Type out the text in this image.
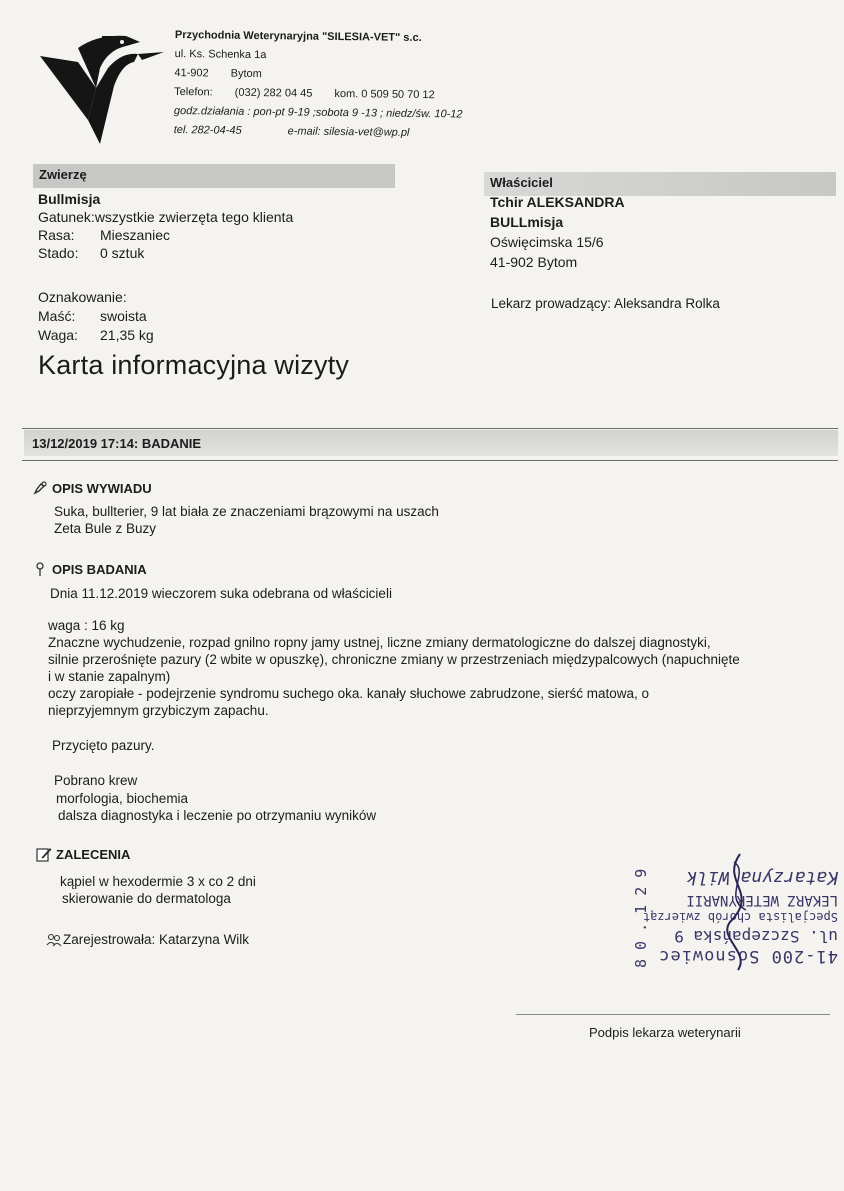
Przychodnia Weterynaryjna "SILESIA-VET" s.c.
ul. Ks. Schenka 1a
41-902 Bytom
Telefon: (032) 282 04 45 kom. 0 509 50 70 12
godz.działania : pon-pt 9-19 ;sobota 9 -13 ; niedz/św. 10-12
tel. 282-04-45	e-mail: silesia-vet@wp.pl
Zwierzę
Bullmisja
Gatunek:wszystkie zwierzęta tego klienta
Rasa:	Mieszaniec
Stado:	0 sztuk
Oznakowanie:
Maść:	swoista
Waga:	21,35 kg
Właściciel
Tchir ALEKSANDRA
BULLmisja
Oświęcimska 15/6
41-902 Bytom
Lekarz prowadzący: Aleksandra Rolka
Karta informacyjna wizyty
13/12/2019 17:14: BADANIE
OPIS WYWIADU
Suka, bullterier, 9 lat biała ze znaczeniami brązowymi na uszach
Zeta Bule z Buzy
OPIS BADANIA
Dnia 11.12.2019 wieczorem suka odebrana od właścicieli
waga : 16 kg
Znaczne wychudzenie, rozpad gnilno ropny jamy ustnej, liczne zmiany dermatologiczne do dalszej diagnostyki,
silnie przerośnięte pazury (2 wbite w opuszkę), chroniczne zmiany w przestrzeniach międzypalcowych (napuchnięte
i w stanie zapalnym)
oczy zaropiałe - podejrzenie syndromu suchego oka. kanały słuchowe zabrudzone, sierść matowa, o
nieprzyjemnym grzybiczym zapachu.
Przycięto pazury.
Pobrano krew
morfologia, biochemia
dalsza diagnostyka i leczenie po otrzymaniu wyników
ZALECENIA
kąpiel w hexodermie 3 x co 2 dni
skierowanie do dermatologa
Zarejestrowała: Katarzyna Wilk
41-200 Sosnowiec
ul. Szczepańska 9
Specjalista chorób zwierząt
LEKARZ WETERYNARII
Katarzyna Wilk
8 0 . 1 2 9
Podpis lekarza weterynarii
